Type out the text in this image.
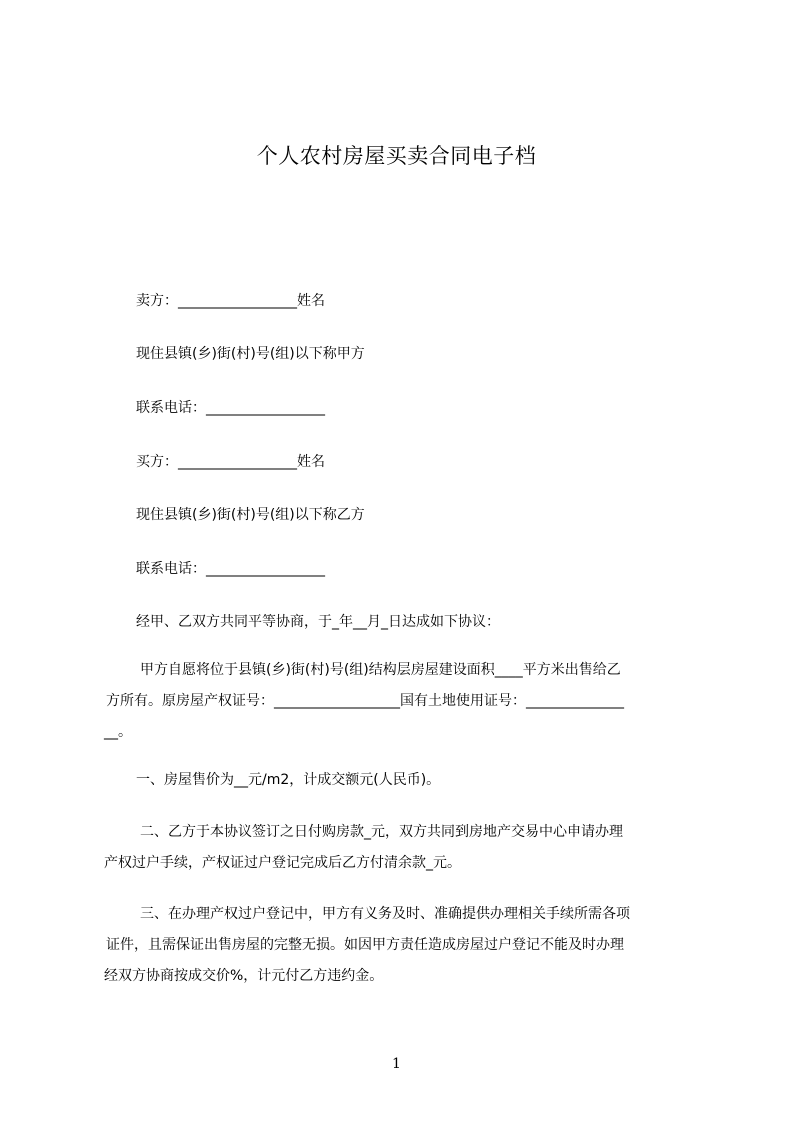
个人农村房屋买卖合同电子档
卖方：_________________姓名
现住县镇(乡)街(村)号(组)以下称甲方
联系电话：_________________
买方：_________________姓名
现住县镇(乡)街(村)号(组)以下称乙方
联系电话：_________________
经甲、乙双方共同平等协商，于_年__月_日达成如下协议：
甲方自愿将位于县镇(乡)街(村)号(组)结构层房屋建设面积____平方米出售给乙
方所有。原房屋产权证号：__________________国有土地使用证号：______________
__。
一、房屋售价为__元/m2，计成交额元(人民币)。
二、乙方于本协议签订之日付购房款_元，双方共同到房地产交易中心申请办理
产权过户手续，产权证过户登记完成后乙方付清余款_元。
三、在办理产权过户登记中，甲方有义务及时、准确提供办理相关手续所需各项
证件，且需保证出售房屋的完整无损。如因甲方责任造成房屋过户登记不能及时办理
经双方协商按成交价%，计元付乙方违约金。
1
